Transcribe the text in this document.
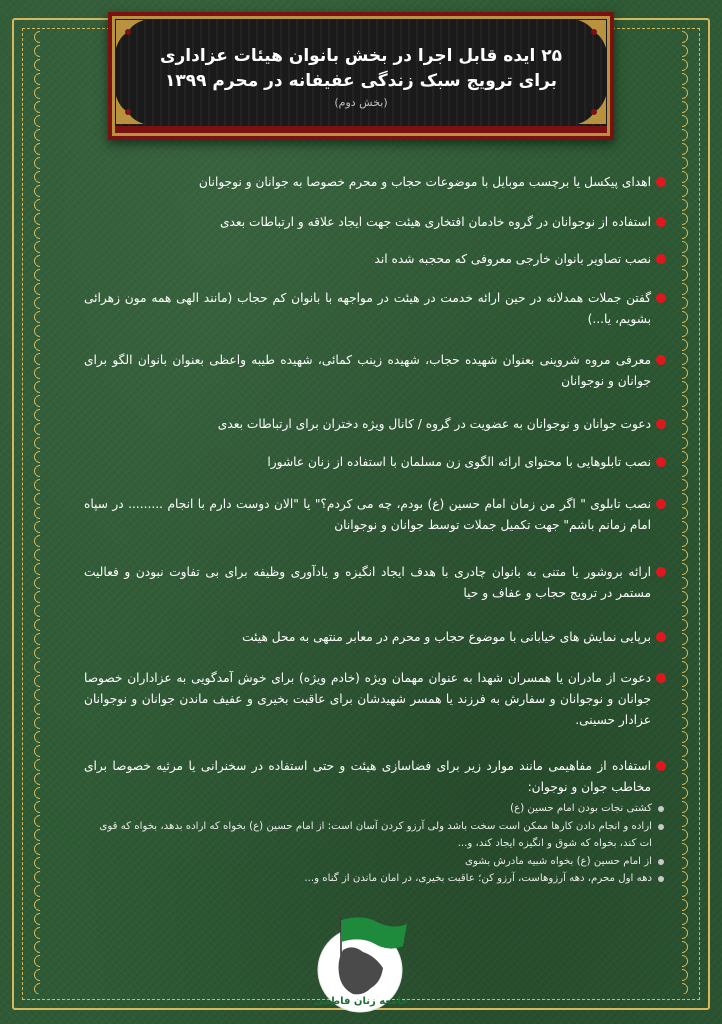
۲۵ ایده قابل اجرا در بخش بانوان هیئات عزاداری
برای ترویج سبک زندگی عفیفانه در محرم ۱۳۹۹
(بخش دوم)
اهدای پیکسل یا برچسب موبایل با موضوعات حجاب و محرم خصوصا به جوانان و نوجوانان
استفاده از نوجوانان در گروه خادمان افتخاری هیئت جهت ایجاد علاقه و ارتباطات بعدی
نصب تصاویر بانوان خارجی معروفی که محجبه شده اند
گفتن جملات همدلانه در حین ارائه خدمت در هیئت در مواجهه با بانوان کم حجاب (مانند الهی همه مون زهرائی بشویم، یا...)
معرفی مروه شروینی بعنوان شهیده حجاب، شهیده زینب کمائی، شهیده طیبه واعظی بعنوان بانوان الگو برای جوانان و نوجوانان
دعوت جوانان و نوجوانان به عضویت در گروه / کانال ویژه دختران برای ارتباطات بعدی
نصب تابلوهایی با محتوای ارائه الگوی زن مسلمان با استفاده از زنان عاشورا
نصب تابلوی " اگر من زمان امام حسین (ع) بودم، چه می کردم؟" یا "الان دوست دارم با انجام ......... در سپاه امام زمانم باشم" جهت تکمیل جملات توسط جوانان و نوجوانان
ارائه بروشور یا متنی به بانوان چادری با هدف ایجاد انگیزه و یادآوری وظیفه برای بی تفاوت نبودن و فعالیت مستمر در ترویج حجاب و عفاف و حیا
برپایی نمایش های خیابانی با موضوع حجاب و محرم در معابر منتهی به محل هیئت
دعوت از مادران یا همسران شهدا به عنوان مهمان ویژه (خادم ویژه) برای خوش آمدگویی به عزاداران خصوصا جوانان و نوجوانان و سفارش به فرزند یا همسر شهیدشان برای عاقبت بخیری و عفیف ماندن جوانان و نوجوانان عزادار حسینی.
استفاده از مفاهیمی مانند موارد زیر برای فضاسازی هیئت و حتی استفاده در سخنرانی یا مرثیه خصوصا برای مخاطب جوان و نوجوان:
کشتی نجات بودن امام حسین (ع)
اراده و انجام دادن کارها ممکن است سخت باشد ولی آرزو کردن آسان است: از امام حسین (ع) بخواه که اراده بدهد، بخواه که قوی ات کند، بخواه که شوق و انگیزه ایجاد کند، و...
از امام حسین (ع) بخواه شبیه مادرش بشوی
دهه اول محرم، دهه آرزوهاست، آرزو کن؛ عاقبت بخیری، در امان ماندن از گناه و...
جامعه زنان فاطمی
